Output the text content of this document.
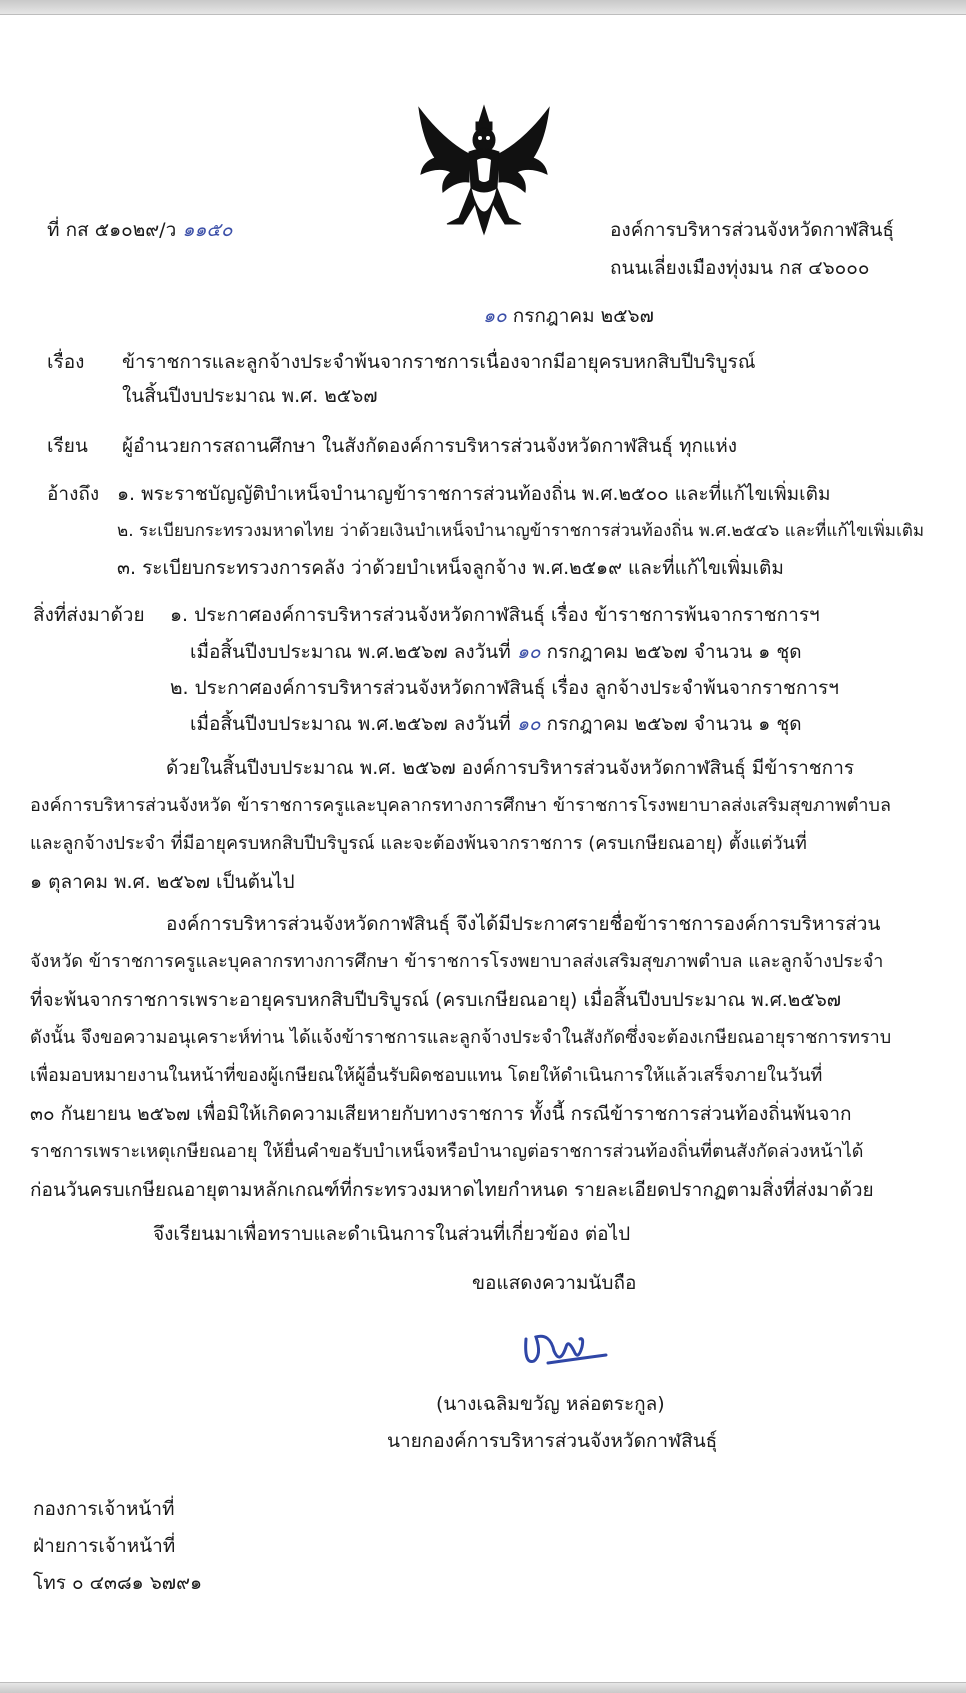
ที่ กส ๕๑๐๒๙/ว ๑๑๕๐	องค์การบริหารส่วนจังหวัดกาฬสินธุ์
ถนนเลี่ยงเมืองทุ่งมน กส ๔๖๐๐๐
๑๐ กรกฎาคม ๒๕๖๗
เรื่อง ข้าราชการและลูกจ้างประจำพ้นจากราชการเนื่องจากมีอายุครบหกสิบปีบริบูรณ์
ในสิ้นปีงบประมาณ พ.ศ. ๒๕๖๗
เรียน ผู้อำนวยการสถานศึกษา ในสังกัดองค์การบริหารส่วนจังหวัดกาฬสินธุ์ ทุกแห่ง
อ้างถึง ๑. พระราชบัญญัติบำเหน็จบำนาญข้าราชการส่วนท้องถิ่น พ.ศ.๒๕๐๐ และที่แก้ไขเพิ่มเติม
๒. ระเบียบกระทรวงมหาดไทย ว่าด้วยเงินบำเหน็จบำนาญข้าราชการส่วนท้องถิ่น พ.ศ.๒๕๔๖ และที่แก้ไขเพิ่มเติม
๓. ระเบียบกระทรวงการคลัง ว่าด้วยบำเหน็จลูกจ้าง พ.ศ.๒๕๑๙ และที่แก้ไขเพิ่มเติม
สิ่งที่ส่งมาด้วย ๑. ประกาศองค์การบริหารส่วนจังหวัดกาฬสินธุ์ เรื่อง ข้าราชการพ้นจากราชการฯ
เมื่อสิ้นปีงบประมาณ พ.ศ.๒๕๖๗ ลงวันที่ ๑๐ กรกฎาคม ๒๕๖๗ จำนวน ๑ ชุด
๒. ประกาศองค์การบริหารส่วนจังหวัดกาฬสินธุ์ เรื่อง ลูกจ้างประจำพ้นจากราชการฯ
เมื่อสิ้นปีงบประมาณ พ.ศ.๒๕๖๗ ลงวันที่ ๑๐ กรกฎาคม ๒๕๖๗ จำนวน ๑ ชุด
ด้วยในสิ้นปีงบประมาณ พ.ศ. ๒๕๖๗ องค์การบริหารส่วนจังหวัดกาฬสินธุ์ มีข้าราชการ
องค์การบริหารส่วนจังหวัด ข้าราชการครูและบุคลากรทางการศึกษา ข้าราชการโรงพยาบาลส่งเสริมสุขภาพตำบล
และลูกจ้างประจำ ที่มีอายุครบหกสิบปีบริบูรณ์ และจะต้องพ้นจากราชการ (ครบเกษียณอายุ) ตั้งแต่วันที่
๑ ตุลาคม พ.ศ. ๒๕๖๗ เป็นต้นไป
องค์การบริหารส่วนจังหวัดกาฬสินธุ์ จึงได้มีประกาศรายชื่อข้าราชการองค์การบริหารส่วน
จังหวัด ข้าราชการครูและบุคลากรทางการศึกษา ข้าราชการโรงพยาบาลส่งเสริมสุขภาพตำบล และลูกจ้างประจำ
ที่จะพ้นจากราชการเพราะอายุครบหกสิบปีบริบูรณ์ (ครบเกษียณอายุ) เมื่อสิ้นปีงบประมาณ พ.ศ.๒๕๖๗
ดังนั้น จึงขอความอนุเคราะห์ท่าน ได้แจ้งข้าราชการและลูกจ้างประจำในสังกัดซึ่งจะต้องเกษียณอายุราชการทราบ
เพื่อมอบหมายงานในหน้าที่ของผู้เกษียณให้ผู้อื่นรับผิดชอบแทน โดยให้ดำเนินการให้แล้วเสร็จภายในวันที่
๓๐ กันยายน ๒๕๖๗ เพื่อมิให้เกิดความเสียหายกับทางราชการ ทั้งนี้ กรณีข้าราชการส่วนท้องถิ่นพ้นจาก
ราชการเพราะเหตุเกษียณอายุ ให้ยื่นคำขอรับบำเหน็จหรือบำนาญต่อราชการส่วนท้องถิ่นที่ตนสังกัดล่วงหน้าได้
ก่อนวันครบเกษียณอายุตามหลักเกณฑ์ที่กระทรวงมหาดไทยกำหนด รายละเอียดปรากฏตามสิ่งที่ส่งมาด้วย
จึงเรียนมาเพื่อทราบและดำเนินการในส่วนที่เกี่ยวข้อง ต่อไป
ขอแสดงความนับถือ
(นางเฉลิมขวัญ หล่อตระกูล)
นายกองค์การบริหารส่วนจังหวัดกาฬสินธุ์
กองการเจ้าหน้าที่
ฝ่ายการเจ้าหน้าที่
โทร ๐ ๔๓๘๑ ๖๗๙๑
